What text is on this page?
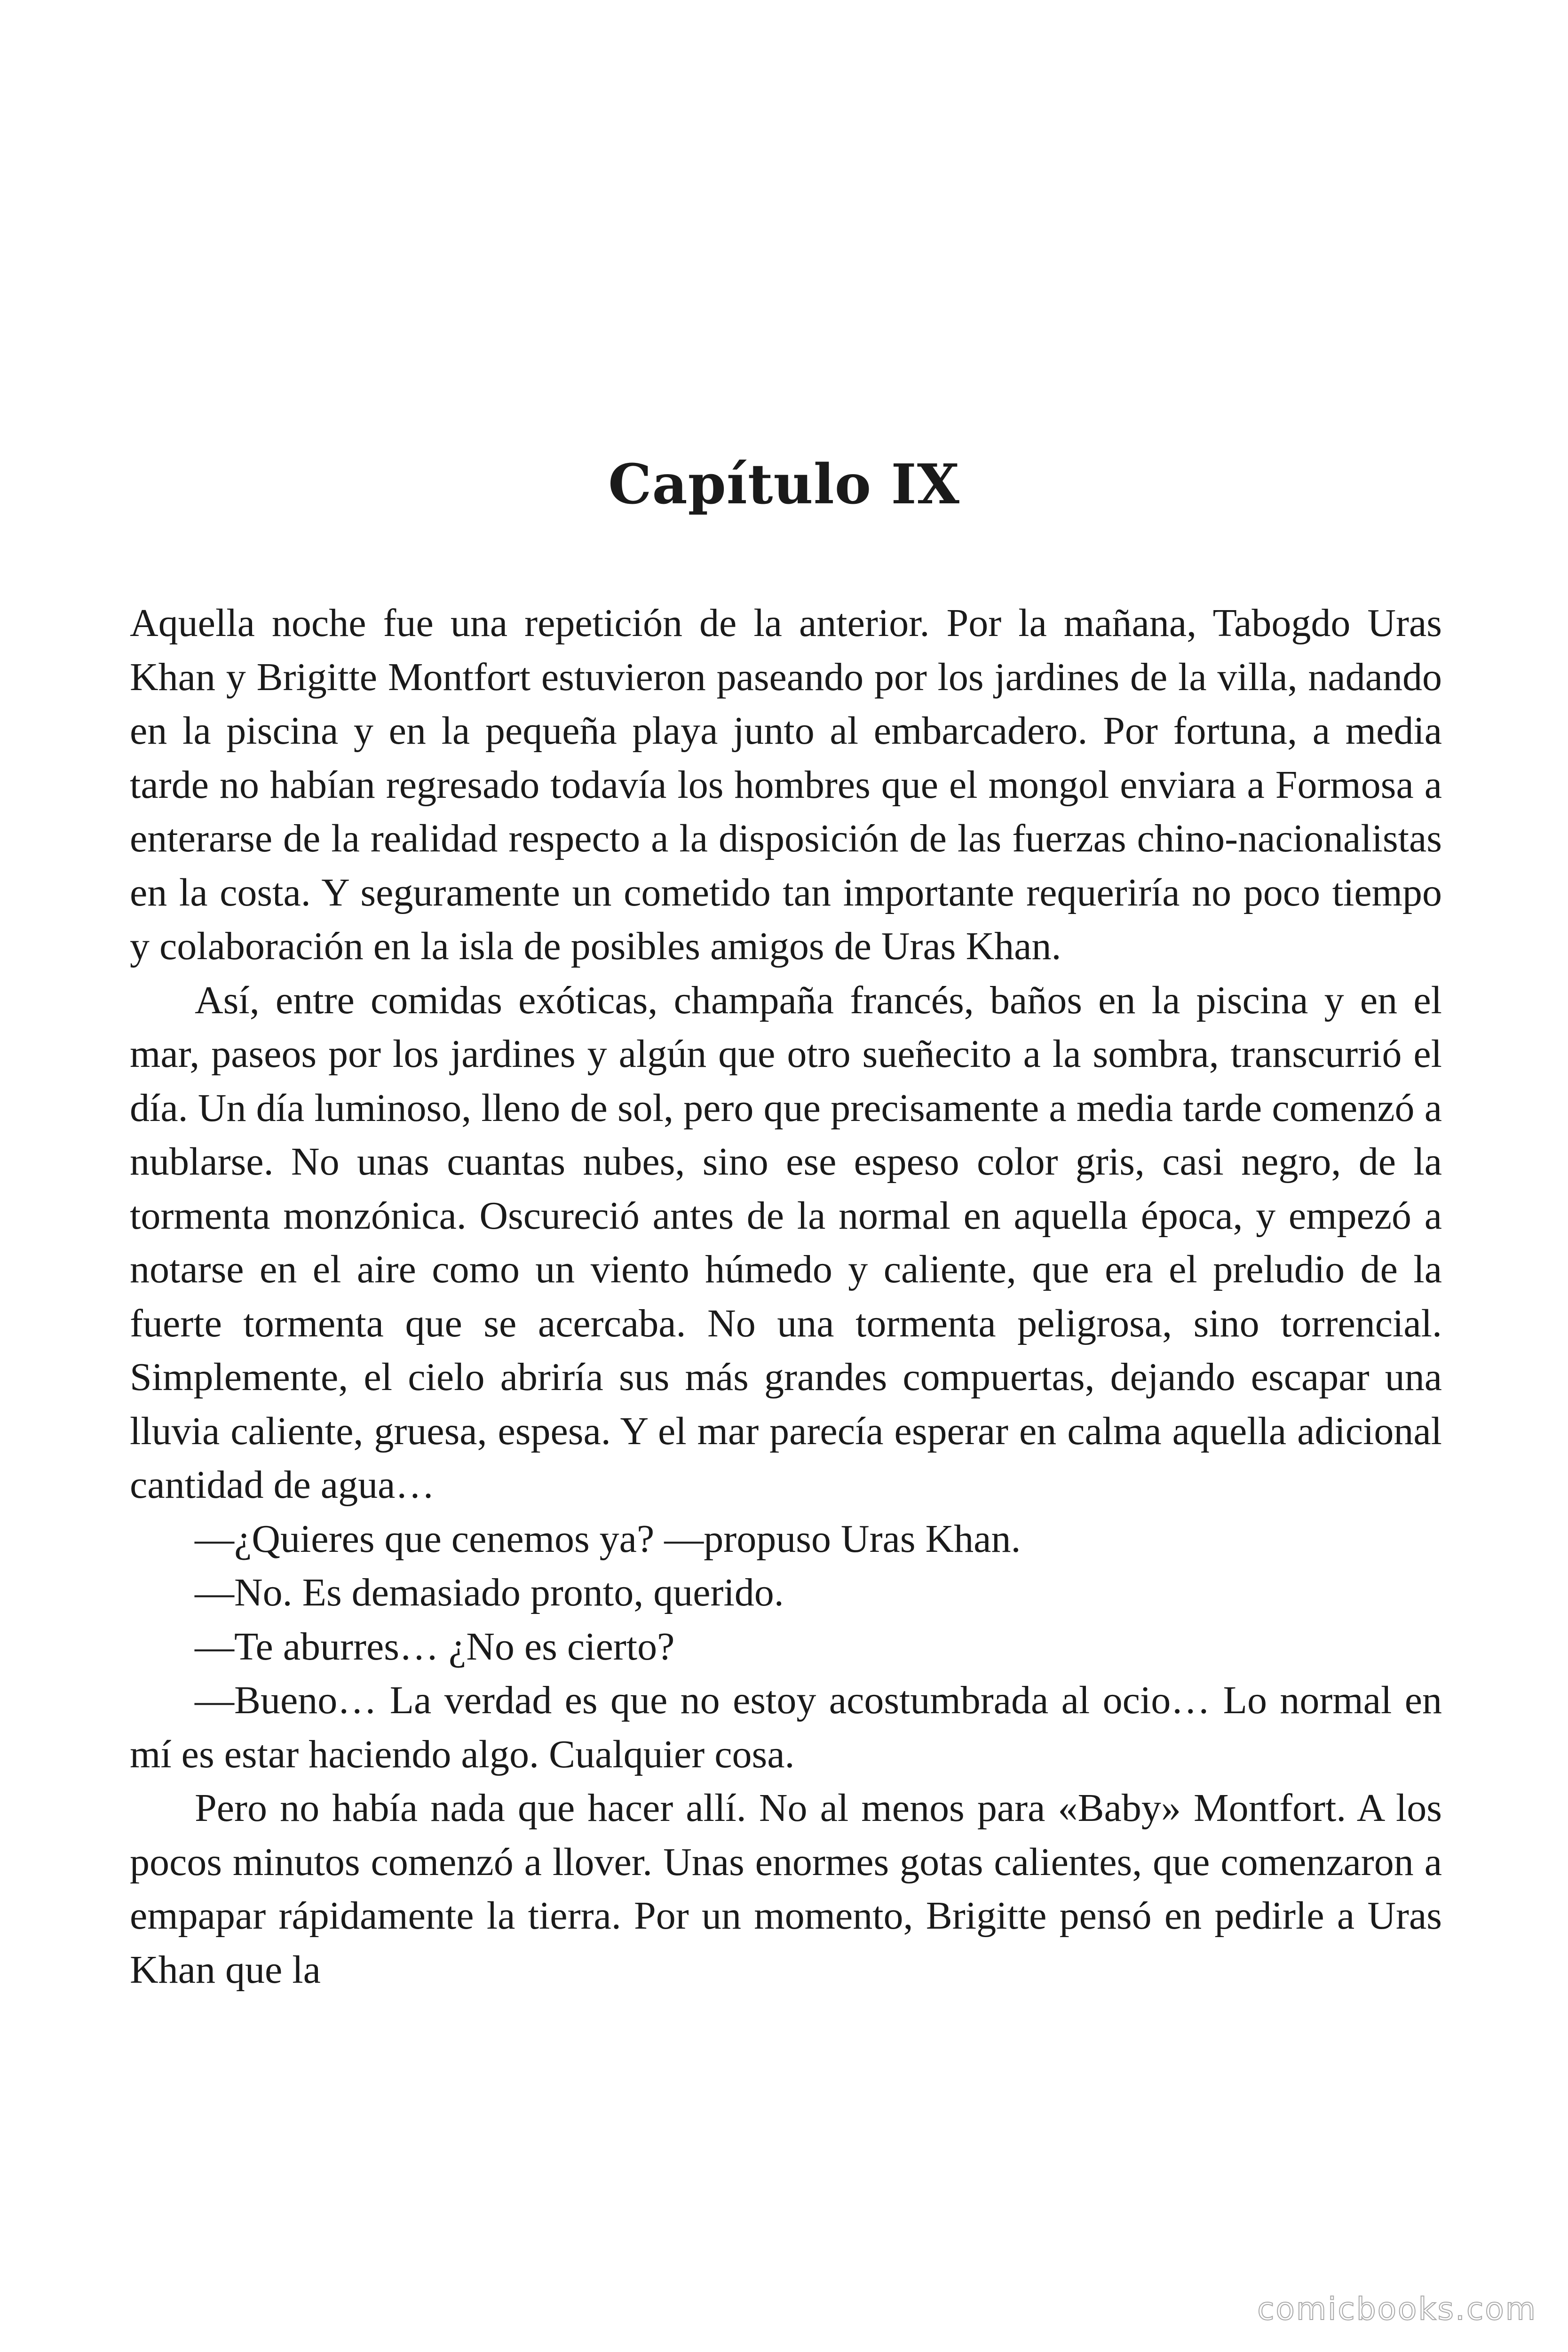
Capítulo IX

Aquella noche fue una repetición de la anterior. Por la mañana, Tabogdo Uras Khan y Brigitte Montfort estuvieron paseando por los jardines de la villa, nadando en la piscina y en la pequeña playa junto al embarcadero. Por fortuna, a media tarde no habían regresado todavía los hombres que el mongol enviara a Formosa a enterarse de la realidad respecto a la disposición de las fuerzas chino-nacionalistas en la costa. Y seguramente un cometido tan importante requeriría no poco tiempo y colaboración en la isla de posibles amigos de Uras Khan.

Así, entre comidas exóticas, champaña francés, baños en la piscina y en el mar, paseos por los jardines y algún que otro sueñecito a la sombra, transcurrió el día. Un día luminoso, lleno de sol, pero que precisamente a media tarde comenzó a nublarse. No unas cuantas nubes, sino ese espeso color gris, casi negro, de la tormenta monzónica. Oscureció antes de la normal en aquella época, y empezó a notarse en el aire como un viento húmedo y caliente, que era el preludio de la fuerte tormenta que se acercaba. No una tormenta peligrosa, sino torrencial. Simplemente, el cielo abriría sus más grandes compuertas, dejando escapar una lluvia caliente, gruesa, espesa. Y el mar parecía esperar en calma aquella adicional cantidad de agua…

—¿Quieres que cenemos ya? —propuso Uras Khan.

—No. Es demasiado pronto, querido.

—Te aburres… ¿No es cierto?

—Bueno… La verdad es que no estoy acostumbrada al ocio… Lo normal en mí es estar haciendo algo. Cualquier cosa.

Pero no había nada que hacer allí. No al menos para «Baby» Montfort. A los pocos minutos comenzó a llover. Unas enormes gotas calientes, que comenzaron a empapar rápidamente la tierra. Por un momento, Brigitte pensó en pedirle a Uras Khan que la

comicbooks.com
